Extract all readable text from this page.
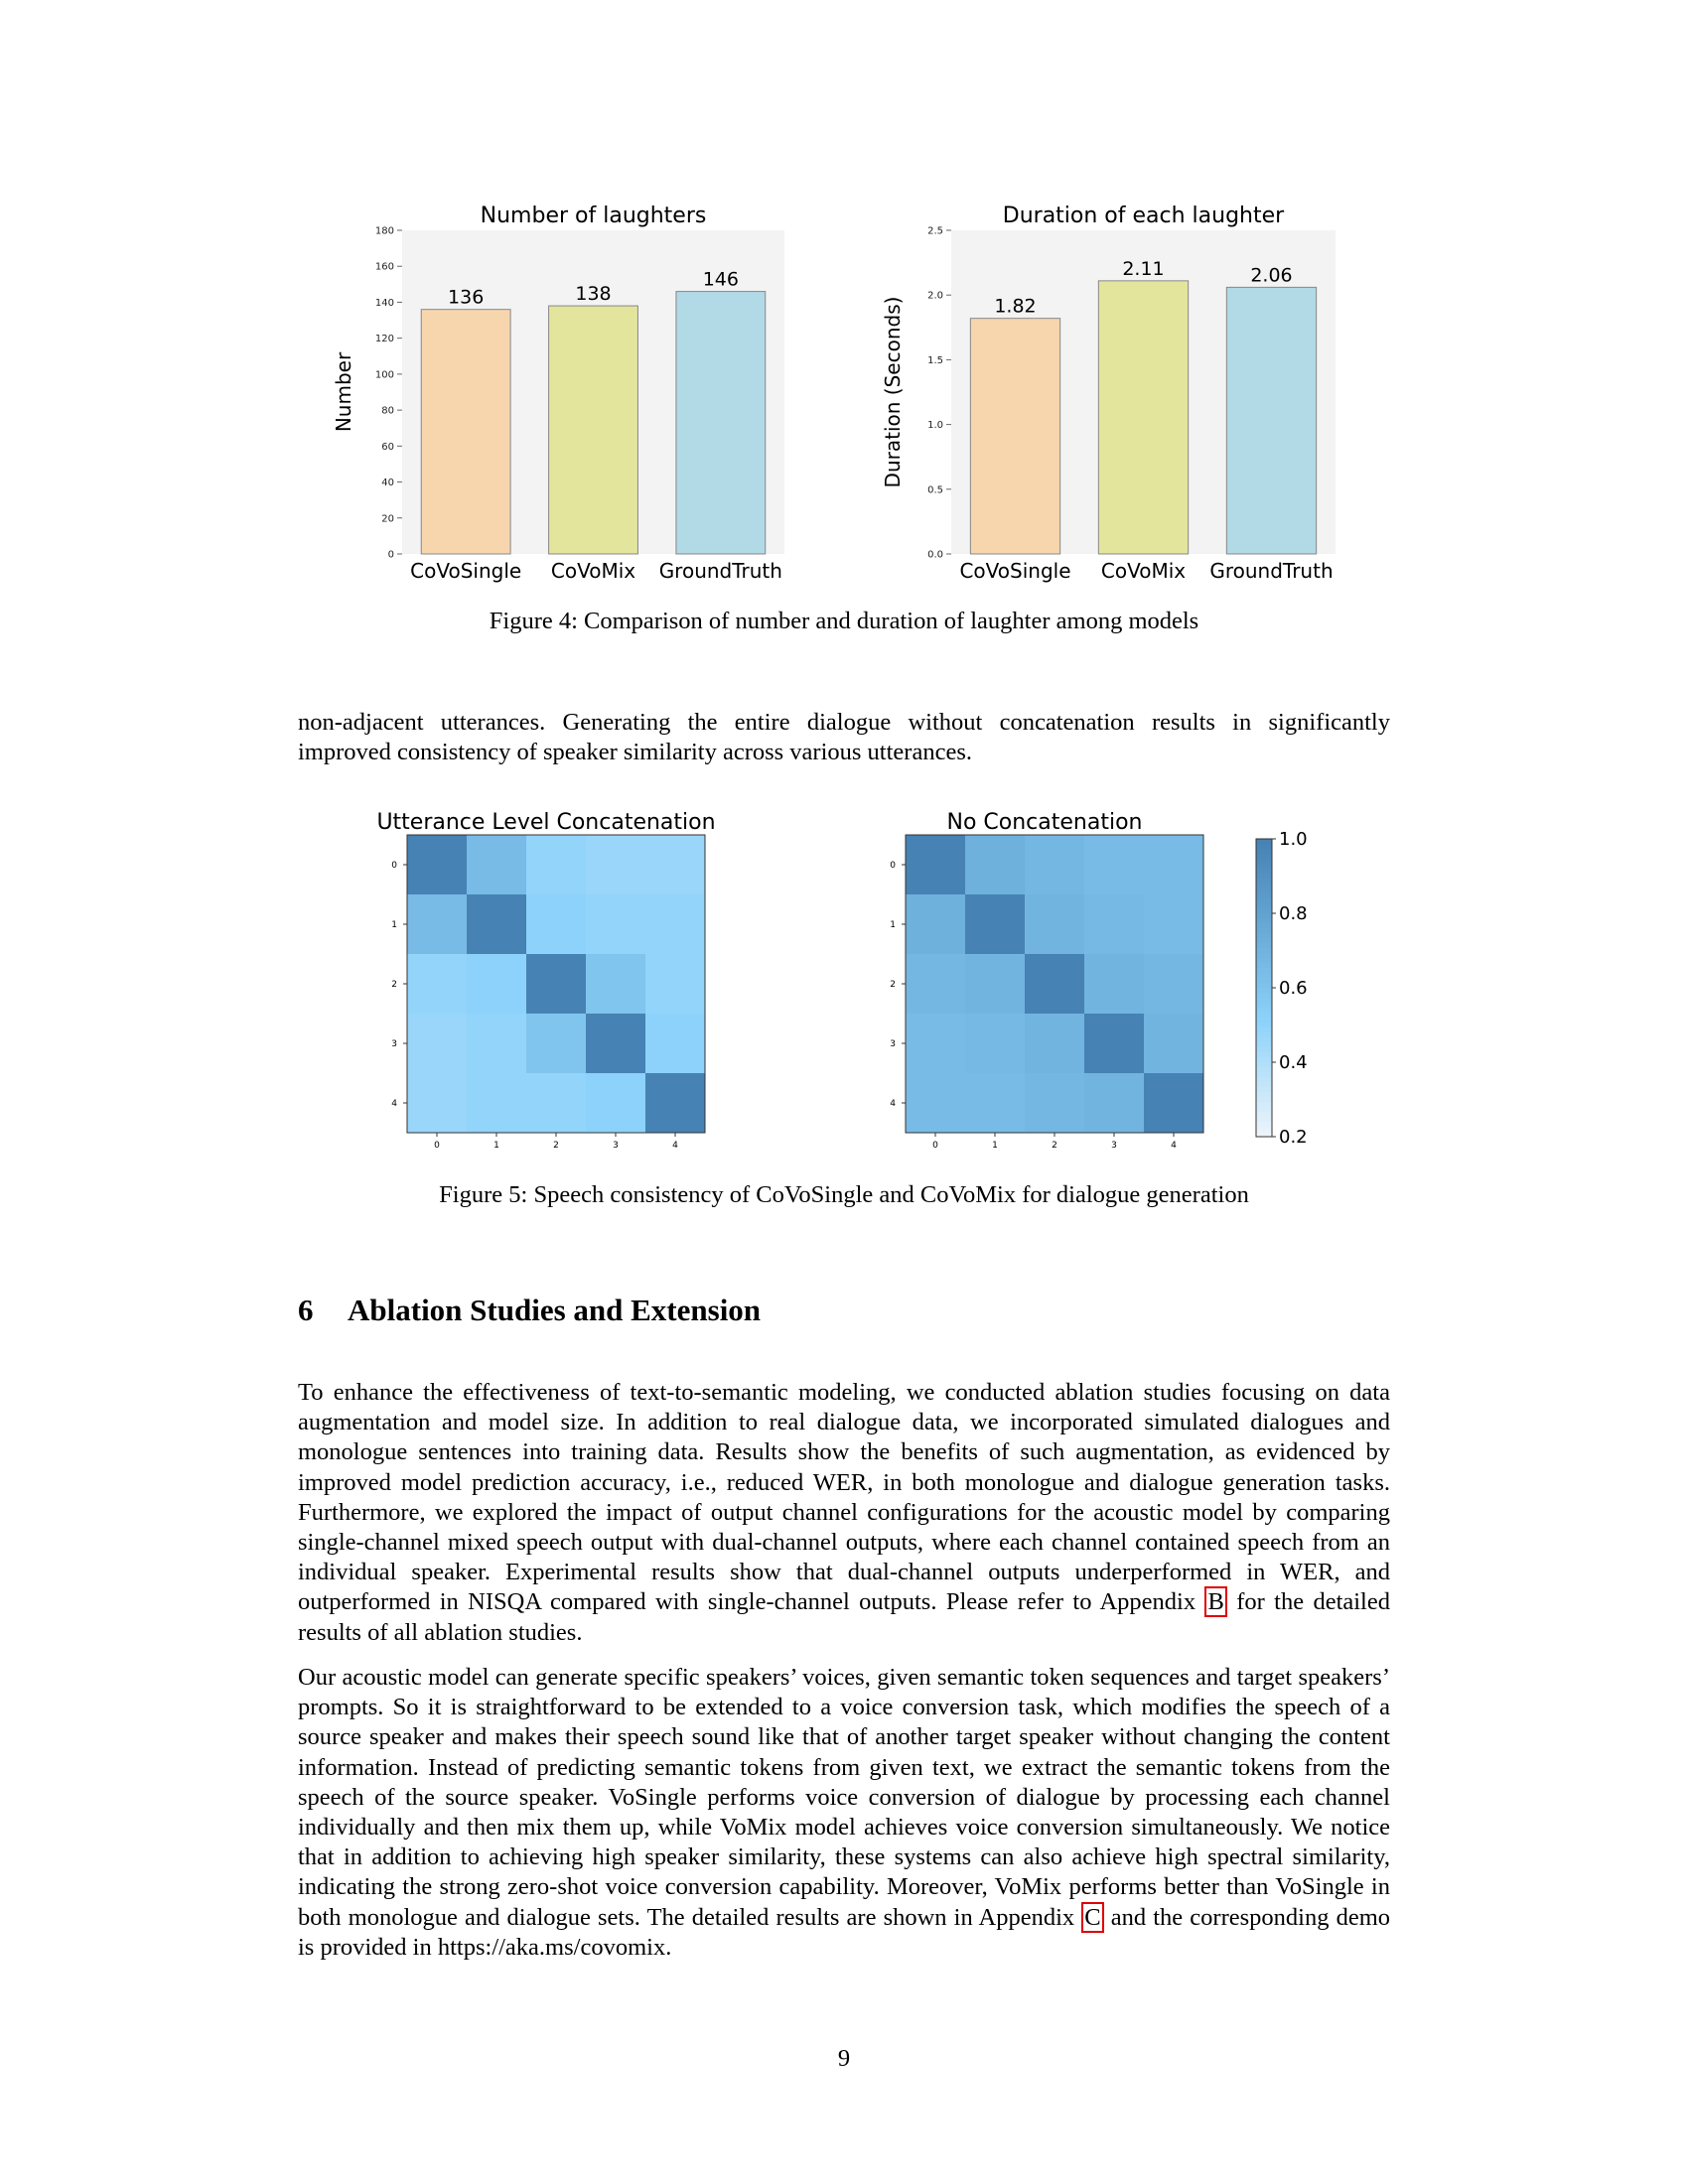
0
20
40
60
80
100
120
140
160
180
136
CoVoSingle
138
CoVoMix
146
GroundTruth
Number of laughters
Number
0.0
0.5
1.0
1.5
2.0
2.5
1.82
CoVoSingle
2.11
CoVoMix
2.06
GroundTruth
Duration of each laughter
Duration (Seconds)
Figure 4: Comparison of number and duration of laughter among models

non-adjacent utterances. Generating the entire dialogue without concatenation results in significantly

improved consistency of speaker similarity across various utterances.

Utterance Level Concatenation
0
0
1
1
2
2
3
3
4
4
No Concatenation
0
0
1
1
2
2
3
3
4
4
1.0
0.8
0.6
0.4
0.2
Figure 5: Speech consistency of CoVoSingle and CoVoMix for dialogue generation
6 Ablation Studies and Extension

To enhance the effectiveness of text-to-semantic modeling, we conducted ablation studies focusing on data augmentation and model size. In addition to real dialogue data, we incorporated simulated dialogues and monologue sentences into training data. Results show the benefits of such augmentation, as evidenced by improved model prediction accuracy, i.e., reduced WER, in both monologue and dialogue generation tasks. Furthermore, we explored the impact of output channel configurations for the acoustic model by comparing single-channel mixed speech output with dual-channel outputs, where each channel contained speech from an individual speaker. Experimental results show that dual-channel outputs underperformed in WER, and outperformed in NISQA compared with single-channel outputs. Please refer to Appendix B for the detailed results of all ablation studies.

Our acoustic model can generate specific speakers’ voices, given semantic token sequences and target speakers’ prompts. So it is straightforward to be extended to a voice conversion task, which modifies the speech of a source speaker and makes their speech sound like that of another target speaker without changing the content information. Instead of predicting semantic tokens from given text, we extract the semantic tokens from the speech of the source speaker. VoSingle performs voice conversion of dialogue by processing each channel individually and then mix them up, while VoMix model achieves voice conversion simultaneously. We notice that in addition to achieving high speaker similarity, these systems can also achieve high spectral similarity, indicating the strong zero-shot voice conversion capability. Moreover, VoMix performs better than VoSingle in both monologue and dialogue sets. The detailed results are shown in Appendix C and the corresponding demo is provided in https://aka.ms/covomix.

9
